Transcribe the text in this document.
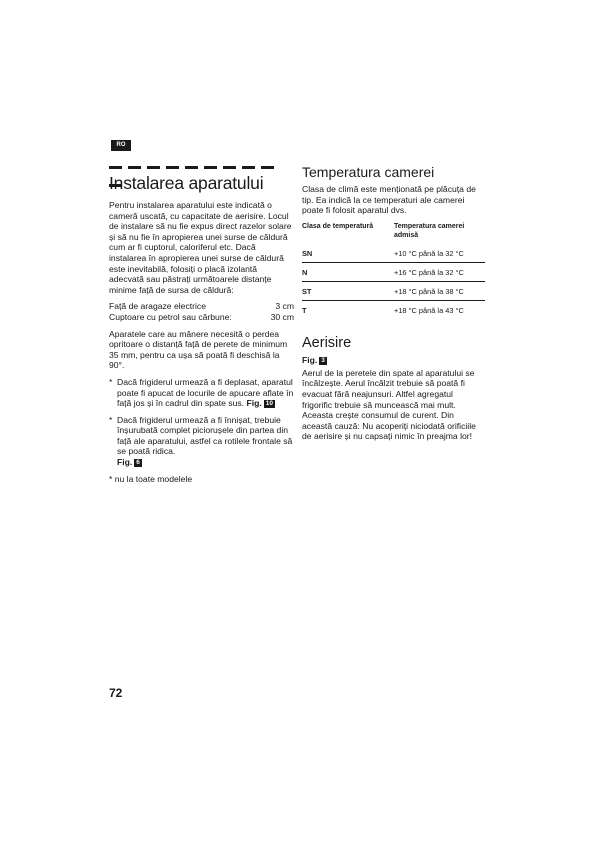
RO
Instalarea aparatului

Pentru instalarea aparatului este indicată o cameră uscată, cu capacitate de aerisire. Locul de instalare să nu fie expus direct razelor solare și să nu fie în apropierea unei surse de căldură cum ar fi cuptorul, caloriferul etc. Dacă instalarea în apropierea unei surse de căldură este inevitabilă, folosiți o placă izolantă adecvată sau păstrați următoarele distanțe minime față de sursa de căldură:

Față de aragaze electrice	3 cm
Cuptoare cu petrol sau cărbune:	30 cm

Aparatele care au mânere necesită o perdea opritoare o distanță față de perete de minimum 35 mm, pentru ca ușa să poată fi deschisă la 90°.

* Dacă frigiderul urmează a fi deplasat, aparatul poate fi apucat de locurile de apucare aflate în față jos și în cadrul din spate sus. Fig. 10
* Dacă frigiderul urmează a fi înnișat, trebuie înșurubată complet piciorușele din partea din față ale aparatului, astfel ca rotilele frontale să se poată ridica.
Fig. 6
* nu la toate modelele
Temperatura camerei

Clasa de climă este menționată pe plăcuța de tip. Ea indică la ce temperaturi ale camerei poate fi folosit aparatul dvs.

Clasa de temperatură	Temperatura camerei admisă
SN	+10 °C până la 32 °C
N	+16 °C până la 32 °C
ST	+18 °C până la 38 °C
T	+18 °C până la 43 °C
Aerisire
Fig. 3

Aerul de la peretele din spate al aparatului se încălzește. Aerul încălzit trebuie să poată fi evacuat fără neajunsuri. Altfel agregatul frigorific trebuie să muncească mai mult. Aceasta crește consumul de curent. Din această cauză: Nu acoperiți niciodată orificiile de aerisire și nu capsați nimic în preajma lor!

72
